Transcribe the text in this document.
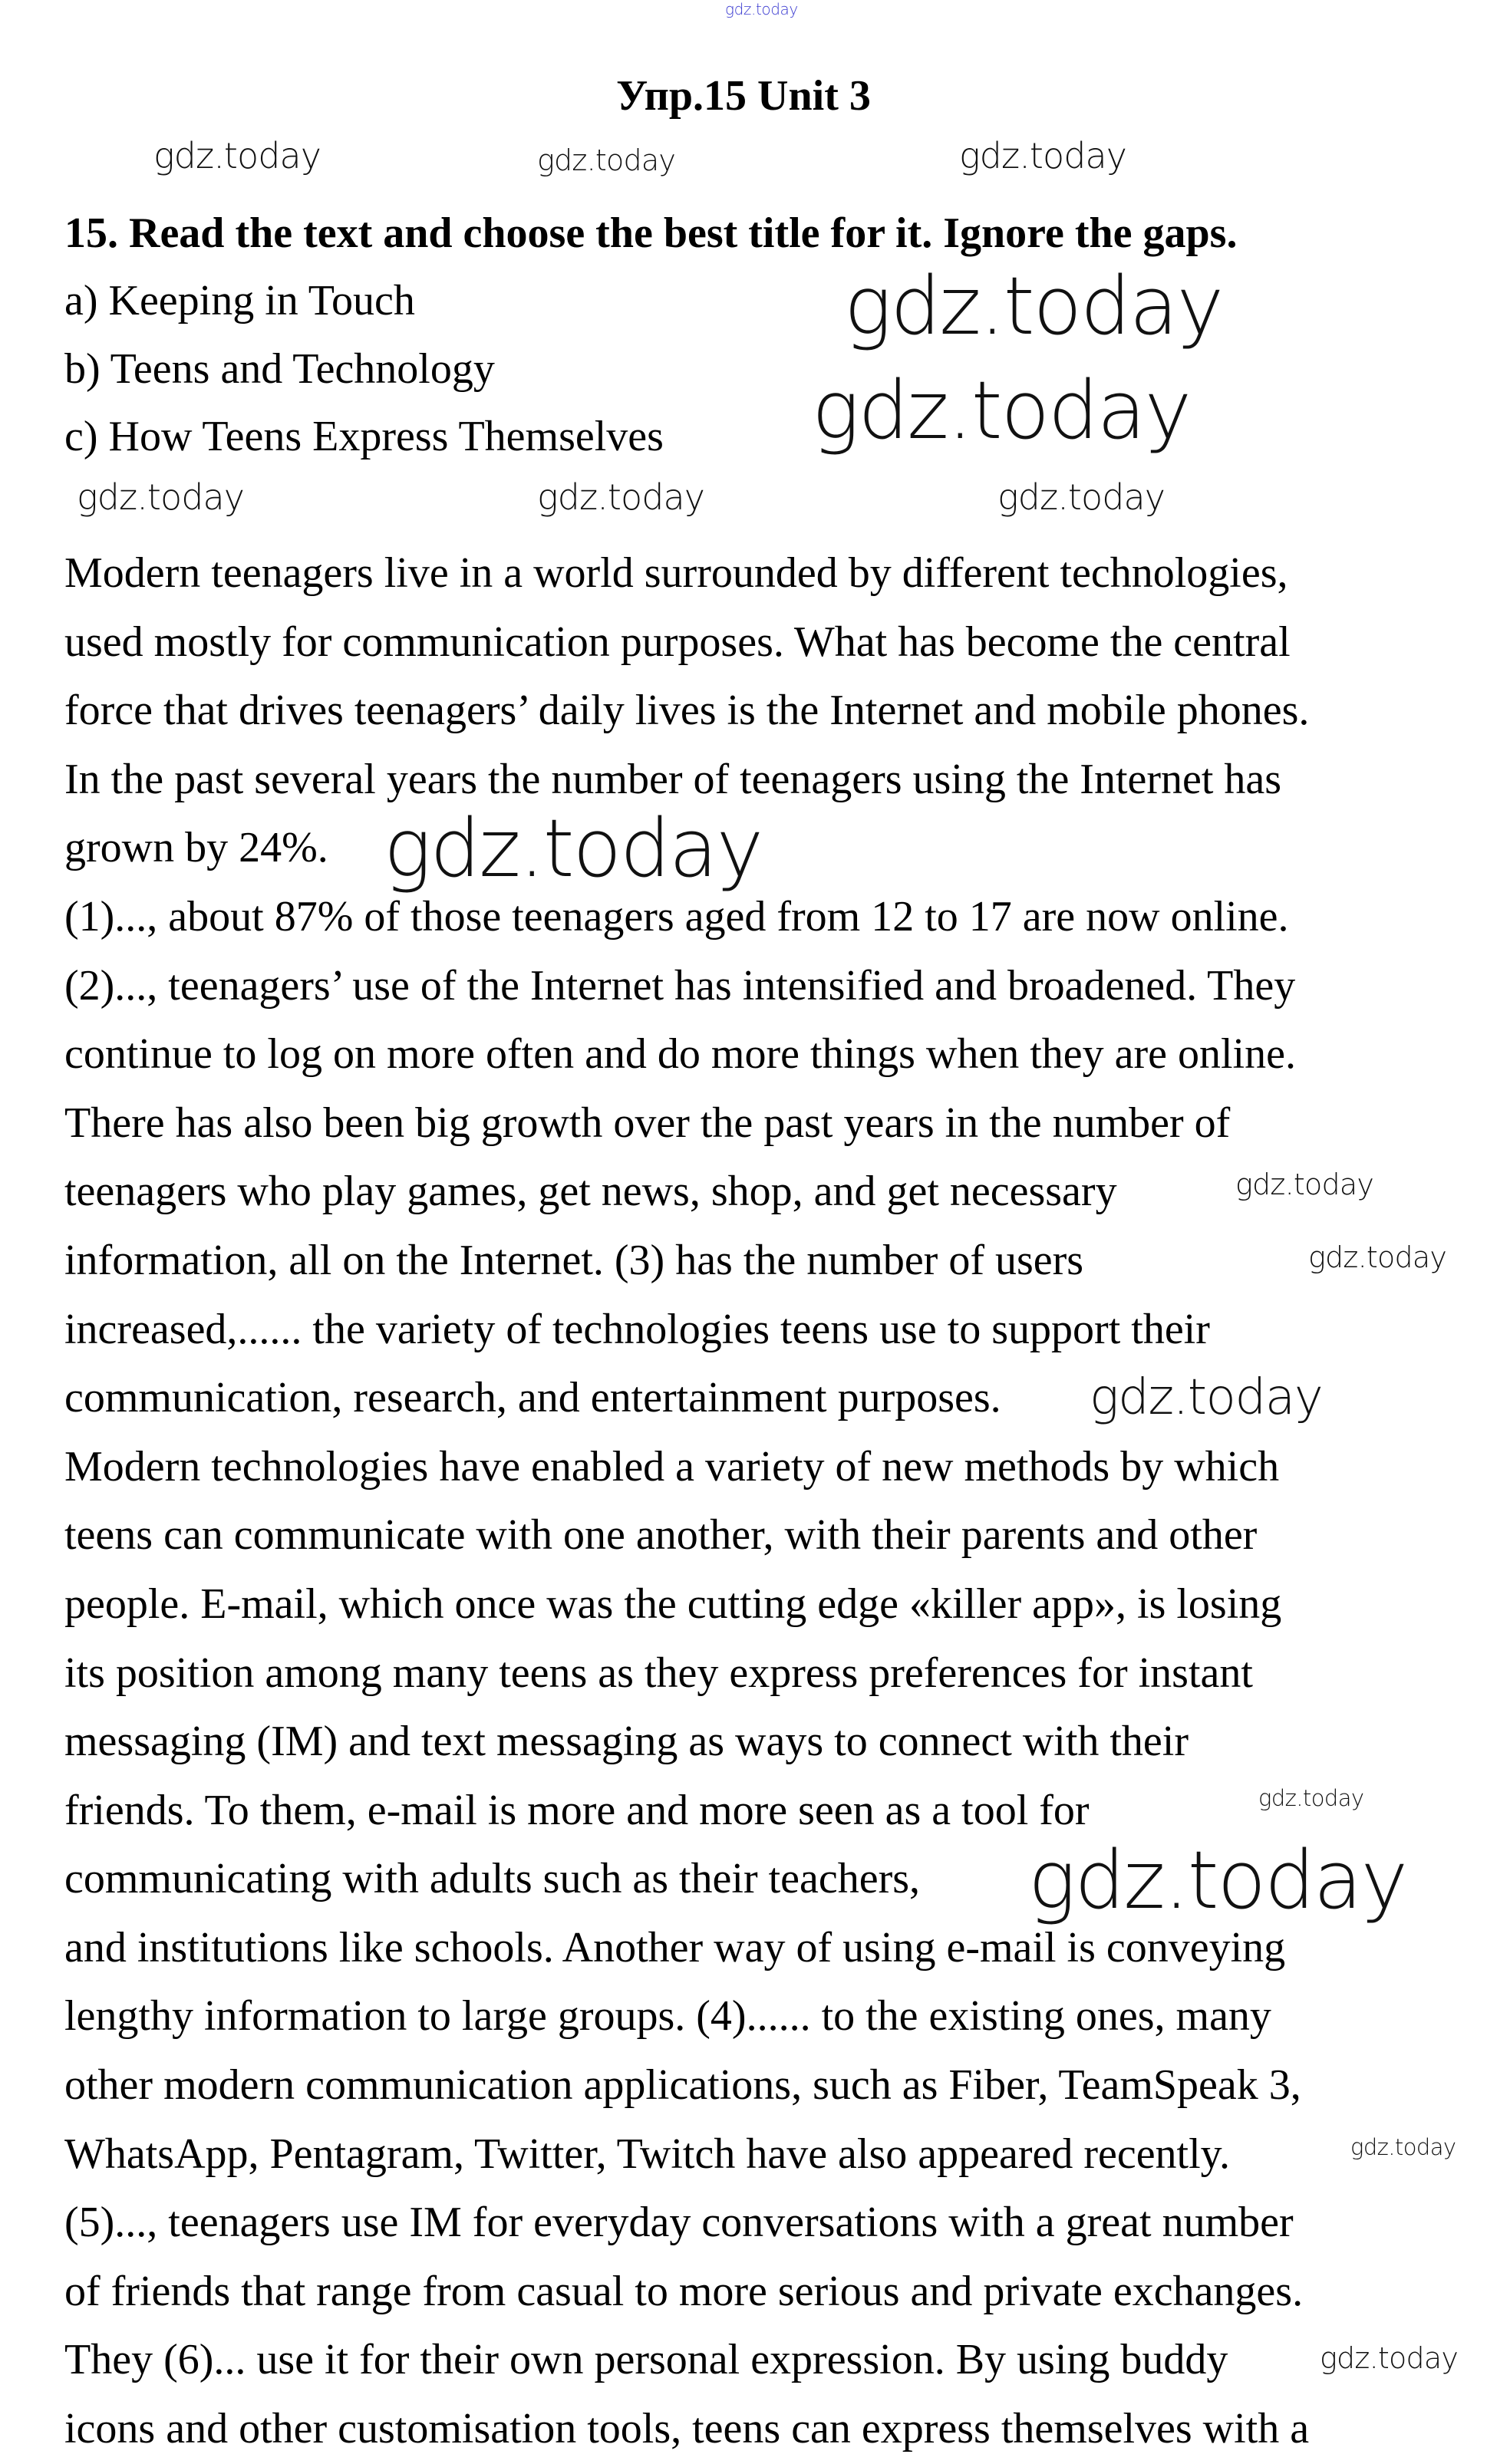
gdz.today
Упр.15 Unit 3
15. Read the text and choose the best title for it. Ignore the gaps.
a) Keeping in Touch
b) Teens and Technology
c) How Teens Express Themselves
Modern teenagers live in a world surrounded by different technologies,
used mostly for communication purposes. What has become the central
force that drives teenagers’ daily lives is the Internet and mobile phones.
In the past several years the number of teenagers using the Internet has
grown by 24%.
(1)..., about 87% of those teenagers aged from 12 to 17 are now online.
(2)..., teenagers’ use of the Internet has intensified and broadened. They
continue to log on more often and do more things when they are online.
There has also been big growth over the past years in the number of
teenagers who play games, get news, shop, and get necessary
information, all on the Internet. (3) has the number of users
increased,...... the variety of technologies teens use to support their
communication, research, and entertainment purposes.
Modern technologies have enabled a variety of new methods by which
teens can communicate with one another, with their parents and other
people. E-mail, which once was the cutting edge «killer app», is losing
its position among many teens as they express preferences for instant
messaging (IM) and text messaging as ways to connect with their
friends. To them, e-mail is more and more seen as a tool for
communicating with adults such as their teachers,
and institutions like schools. Another way of using e-mail is conveying
lengthy information to large groups. (4)...... to the existing ones, many
other modern communication applications, such as Fiber, TeamSpeak 3,
WhatsApp, Pentagram, Twitter, Twitch have also appeared recently.
(5)..., teenagers use IM for everyday conversations with a great number
of friends that range from casual to more serious and private exchanges.
They (6)... use it for their own personal expression. By using buddy
icons and other customisation tools, teens can express themselves with a
gdz.today
gdz.today
gdz.today
gdz.today
gdz.today
gdz.today
gdz.today
gdz.today	gdz.today
gdz.today
gdz.today
gdz.today
gdz.today	gdz.today	gdz.today
gdz.today
